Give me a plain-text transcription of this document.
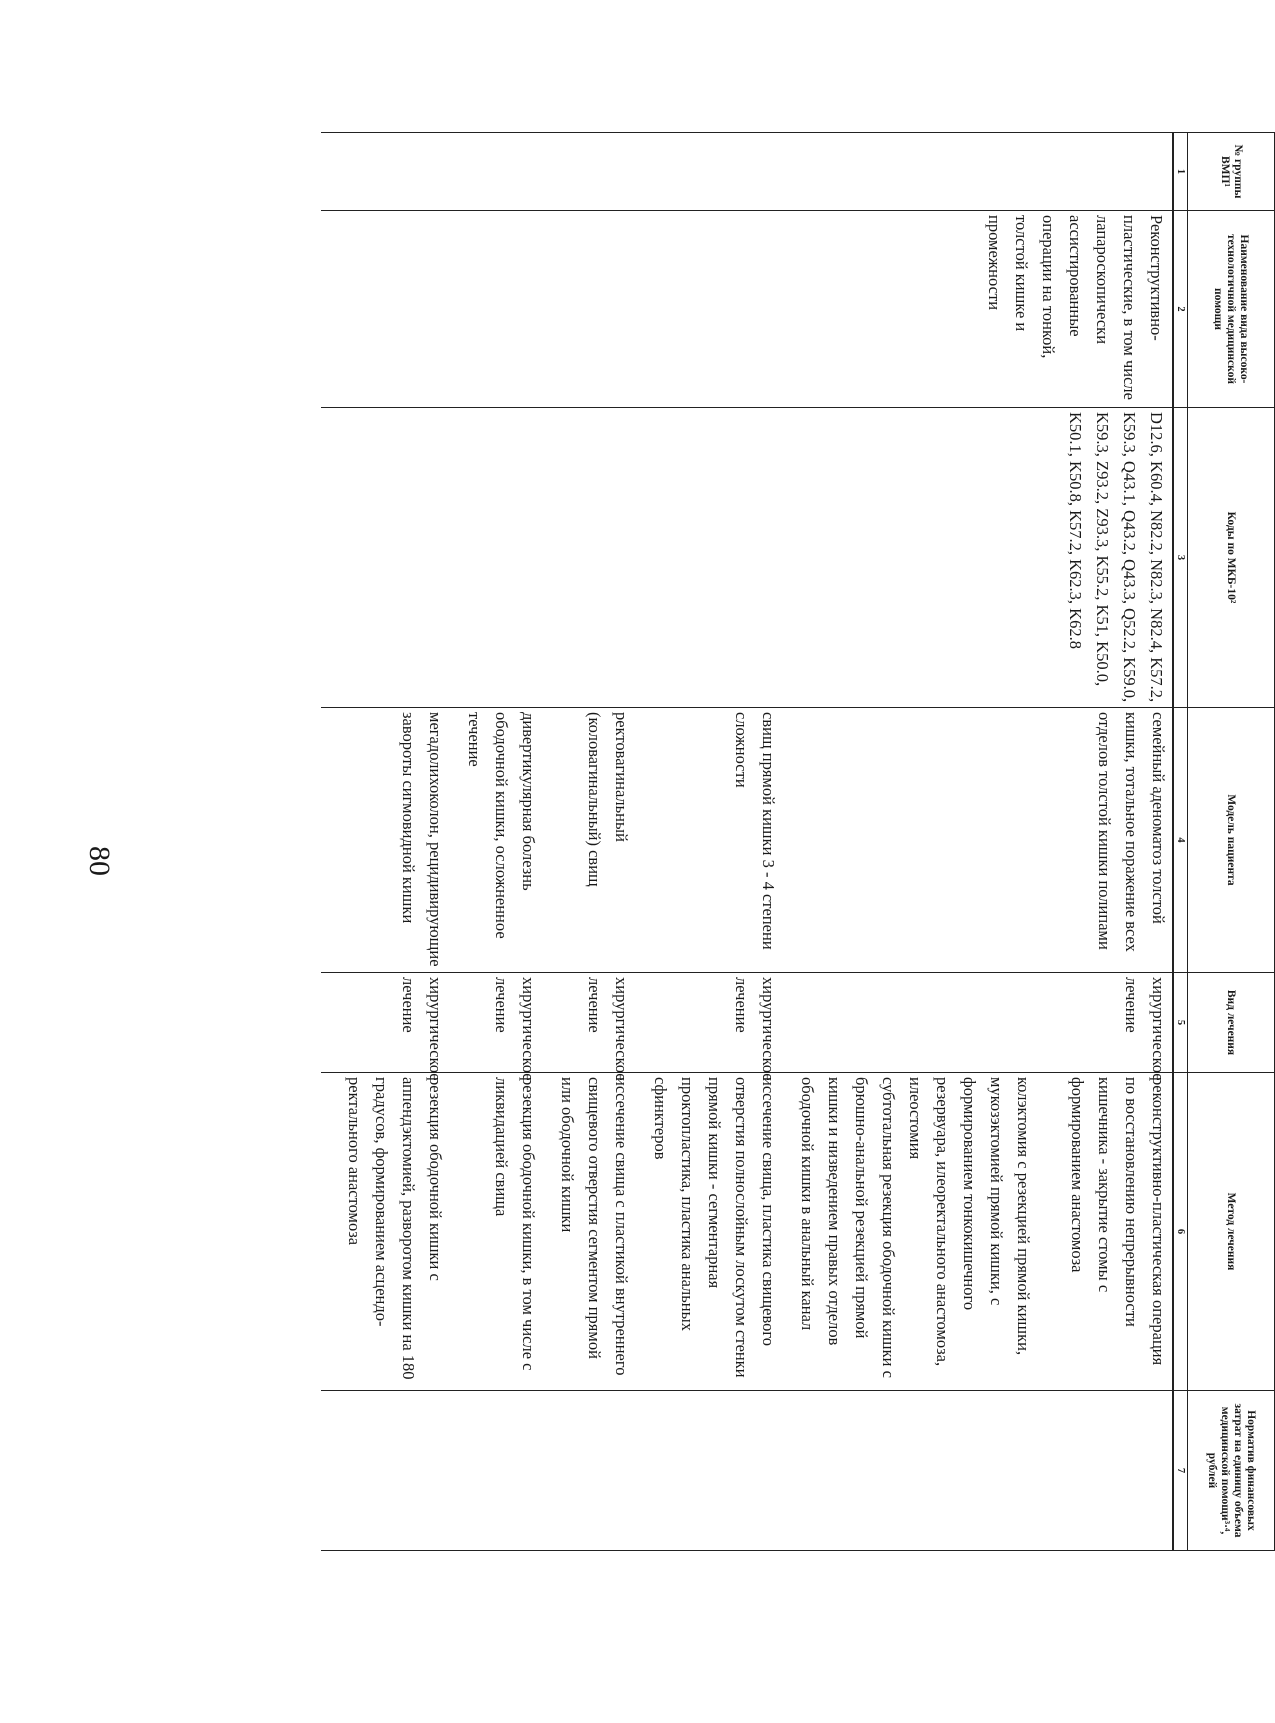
80
№ группы ВМП¹	Наименование вида высоко-технологичной медицинской помощи	Коды по МКБ-10²	Модель пациента	Вид лечения	Метод лечения	Норматив финансовых затрат на единицу объема медицинской помощи³·⁴, рублей
1	2	3	4	5	6	7
	Реконструктивно-пластические, в том числе лапароскопически ассистированные операции на тонкой, толстой кишке и промежности	D12.6, K60.4, N82.2, N82.3, N82.4, K57.2, K59.3, Q43.1, Q43.2, Q43.3, Q52.2, K59.0, K59.3, Z93.2, Z93.3, K55.2, K51, K50.0, K50.1, K50.8, K57.2, K62.3, K62.8	семейный аденоматоз толстой кишки, тотальное поражение всех отделов толстой кишки полипами	хирургическое лечение	реконструктивно-пластическая операция по восстановлению непрерывности кишечника - закрытие стомы с формированием анастомоза
колэктомия с резекцией прямой кишки, мукозэктомией прямой кишки, с формированием тонкокишечного резервуара, илеоректального анастомоза, илеостомия
субтотальная резекция ободочной кишки с брюшно-анальной резекцией прямой кишки и низведением правых отделов ободочной кишки в анальный канал	

			свищ прямой кишки 3 - 4 степени сложности	хирургическое лечение	иссечение свища, пластика свищевого отверстия полнослойным лоскутом стенки прямой кишки - сегментарная проктопластика, пластика анальных сфинктеров	
			ректовагинальный (коловагинальный) свищ	хирургическое лечение	иссечение свища с пластикой внутреннего свищевого отверстия сегментом прямой или ободочной кишки	
			дивертикулярная болезнь ободочной кишки, осложненное течение	хирургическое лечение	резекция ободочной кишки, в том числе с ликвидацией свища	
			мегадолихоколон, рецидивирующие завороты сигмовидной кишки	хирургическое лечение	резекция ободочной кишки с аппендэктомией, разворотом кишки на 180 градусов, формированием асцендо-ректального анастомоза	
